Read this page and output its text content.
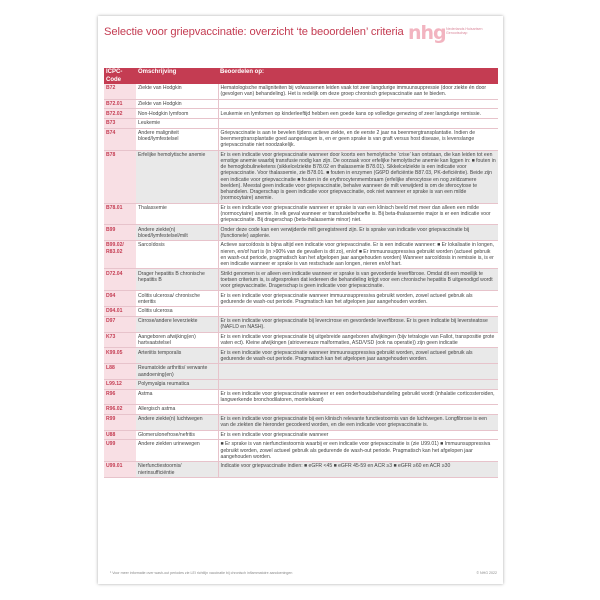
Selectie voor griepvaccinatie: overzicht ‘te beoordelen’ criteria nhg Nederlands Huisartsen Genootschap
ICPC-Code	Omschrijving	Beoordelen op:
B72	Ziekte van Hodgkin	Hematologische maligniteiten bij volwassenen leiden vaak tot zeer langdurige immuunsuppressie (door ziekte én door (gevolgen van) behandeling). Het is redelijk om deze groep chronisch griepvaccinatie aan te bieden.
B72.01	Ziekte van Hodgkin	
B72.02	Non-Hodgkin lymfoom	Leukemie en lymfomen op kinderleeftijd hebben een goede kans op volledige genezing of zeer langdurige remissie.
B73	Leukemie	
B74	Andere maligniteit bloed/lymfestelsel	Griepvaccinatie is aan te bevelen tijdens actieve ziekte, en de eerste 2 jaar na beenmergtransplantatie. Indien de beenmergtransplantatie goed aangeslagen is, en er geen sprake is van graft versus host disease, is levenslange griepvaccinatie niet noodzakelijk.
B78	Erfelijke hemolytische anemie	Er is een indicatie voor griepvaccinatie wanneer door koorts een hemolytische ‘crise’ kan ontstaan, die kan leiden tot een ernstige anemie waarbij transfusie nodig kan zijn. De oorzaak voor erfelijke hemolytische anemie kan liggen in: ■ fouten in de hemoglobulineketens (sikkelcelziekte B78.02 en thalassemie B78.01). Sikkelcelziekte is een indicatie voor griepvaccinatie. Voor thalassemie, zie B78.01. ■ fouten in enzymen (G6PD deficiëntie B87.03, PK-deficiëntie). Beide zijn een indicatie voor griepvaccinatie ■ fouten in de erythrocytenmembraam (erfelijke sferocytose en nog zeldzamere beelden). Meestal geen indicatie voor griepvaccinatie, behalve wanneer de milt verwijderd is om de sferocytose te behandelen. Dragerschap is geen indicatie voor griepvaccinatie, ook niet wanneer er sprake is van een milde (normocytaire) anemie.
B78.01	Thalassemie	Er is een indicatie voor griepvaccinatie wanneer er sprake is van een klinisch beeld met meer dan alleen een milde (normocytaire) anemie. In elk geval wanneer er transfusiebehoefte is. Bij beta-thalassemie major is er een indicatie voor griepvaccinatie. Bij dragerschap (beta-thalassemie minor) niet.
B99	Andere ziekte(n) bloed/lymfestelsel/milt	Onder deze code kan een verwijderde milt geregistreerd zijn. Er is sprake van indicatie voor griepvaccinatie bij (functionele) asplenie.
B99.02/ R83.02	Sarcoïdosis	Actieve sarcoïdosis is bijna altijd een indicatie voor griepvaccinatie. Er is een indicatie wanneer: ■ Er lokalisatie in longen, nieren, en/of hart is (in >90% van de gevallen is dit zo), en/of ■ Er immuunsuppressiva gebruikt worden (actueel gebruik en wash-out periode, pragmatisch kan het afgelopen jaar aangehouden worden) Wanneer sarcoïdosis in remissie is, is er een indicatie wanneer er sprake is van restschade aan longen, nieren en/of hart.
D72.04	Drager hepatitis B chronische hepatitis B	Strikt genomen is er alleen een indicatie wanneer er sprake is van gevorderde leverfibrose. Omdat dit een moeilijk te toetsen criterium is, is afgesproken dat iedereen die behandeling krijgt voor een chronische hepatitis B uitgenodigd wordt voor griepvaccinatie. Dragerschap is geen indicatie voor griepvaccinatie.
D94	Colitis ulcerosa/ chronische enteritis	Er is een indicatie voor griepvaccinatie wanneer immuunsuppressiva gebruikt worden, zowel actueel gebruik als gedurende de wash-out periode. Pragmatisch kan het afgelopen jaar aangehouden worden.
D94.01	Colitis ulcerosa	
D97	Cirrose/andere leverziekte	Er is een indicatie voor griepvaccinatie bij levercirrose en gevorderde leverfibrose. Er is geen indicatie bij leversteatose (NAFLD en NASH).
K73	Aangeboren afwijking(en) hartvaatstelsel	Er is een indicatie voor griepvaccinatie bij uitgebreide aangeboren afwijkingen (bijv tetralogie van Fallot, transpositie grote vaten ect). Kleine afwijkingen (atrioveneuze malformaties, ASD/VSD (ook na operatie)) zijn geen indicatie
K99.05	Arteriitis temporalis	Er is een indicatie voor griepvaccinatie wanneer immuunsuppressiva gebruikt worden, zowel actueel gebruik als gedurende de wash-out periode. Pragmatisch kan het afgelopen jaar aangehouden worden.
L88	Reumatoïde arthritis/ verwante aandoening(en)	
L99.12	Polymyalgia reumatica	
R96	Astma	Er is een indicatie voor griepvaccinatie wanneer er een onderhoudsbehandeling gebruikt wordt (inhalatie corticosteroiden, langwerkende bronchodilatoren, montelukast)
R96.02	Allergisch astma	
R99	Andere ziekte(n) luchtwegen	Er is een indicatie voor griepvaccinatie bij een klinisch relevante functiestoornis van de luchtwegen. Longfibrose is een van de ziekten die hieronder gecodeerd worden, en die een indicatie voor griepvaccinatie is.
U88	Glomerulonefrose/nefritis	Er is een indicatie voor griepvaccinatie wanneer
U99	Andere ziekten urinewegen	■ Er sprake is van nierfunctiestoornis waarbij er een indicatie voor griepvaccinatie is (zie U99.01) ■ Immuunsuppressiva gebruikt worden, zowel actueel gebruik als gedurende de wash-out periode. Pragmatisch kan het afgelopen jaar aangehouden worden.
U99.01	Nierfunctiestoornis/ nierinsufficiëntie	Indicatie voor griepvaccinatie indien: ■ eGFR <45 ■ eGFR 45-59 en ACR ≥3 ■ eGFR ≥60 en ACR ≥30
¹ Voor meer informatie over wash-out periodes zie LEI richtlijn vaccinatie bij chronisch inflammatoire aandoeningen	© NHG 2022
